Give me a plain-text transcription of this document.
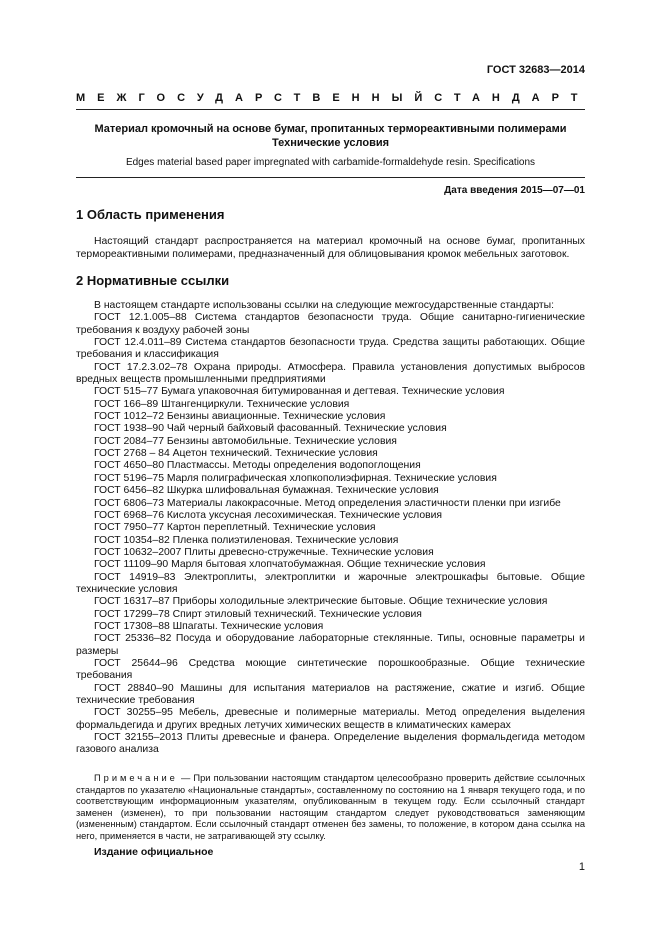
ГОСТ 32683—2014
МЕЖГОСУДАРСТВЕННЫЙ СТАНДАРТ
Материал кромочный на основе бумаг, пропитанных термореактивными полимерами
Технические условия
Edges material based paper impregnated with carbamide-formaldehyde resin. Specifications
Дата введения 2015—07—01
1 Область применения
Настоящий стандарт распространяется на материал кромочный на основе бумаг, пропитанных термореактивными полимерами, предназначенный для облицовывания кромок мебельных заготовок.
2 Нормативные ссылки
В настоящем стандарте использованы ссылки на следующие межгосударственные стандарты:
ГОСТ 12.1.005–88 Система стандартов безопасности труда. Общие санитарно-гигиенические требования к воздуху рабочей зоны
ГОСТ 12.4.011–89 Система стандартов безопасности труда. Средства защиты работающих. Общие требования и классификация
ГОСТ 17.2.3.02–78 Охрана природы. Атмосфера. Правила установления допустимых выбросов вредных веществ промышленными предприятиями
ГОСТ 515–77 Бумага упаковочная битумированная и дегтевая. Технические условия
ГОСТ 166–89 Штангенциркули. Технические условия
ГОСТ 1012–72 Бензины авиационные. Технические условия
ГОСТ 1938–90 Чай черный байховый фасованный. Технические условия
ГОСТ 2084–77 Бензины автомобильные. Технические условия
ГОСТ 2768 – 84 Ацетон технический. Технические условия
ГОСТ 4650–80 Пластмассы. Методы определения водопоглощения
ГОСТ 5196–75 Марля полиграфическая хлопкополиэфирная. Технические условия
ГОСТ 6456–82 Шкурка шлифовальная бумажная. Технические условия
ГОСТ 6806–73 Материалы лакокрасочные. Метод определения эластичности пленки при изгибе
ГОСТ 6968–76 Кислота уксусная лесохимическая. Технические условия
ГОСТ 7950–77 Картон переплетный. Технические условия
ГОСТ 10354–82 Пленка полиэтиленовая. Технические условия
ГОСТ 10632–2007 Плиты древесно-стружечные. Технические условия
ГОСТ 11109–90 Марля бытовая хлопчатобумажная. Общие технические условия
ГОСТ 14919–83 Электроплиты, электроплитки и жарочные электрошкафы бытовые. Общие технические условия
ГОСТ 16317–87 Приборы холодильные электрические бытовые. Общие технические условия
ГОСТ 17299–78 Спирт этиловый технический. Технические условия
ГОСТ 17308–88 Шпагаты. Технические условия
ГОСТ 25336–82 Посуда и оборудование лабораторные стеклянные. Типы, основные параметры и размеры
ГОСТ 25644–96 Средства моющие синтетические порошкообразные. Общие технические требования
ГОСТ 28840–90 Машины для испытания материалов на растяжение, сжатие и изгиб. Общие технические требования
ГОСТ 30255–95 Мебель, древесные и полимерные материалы. Метод определения выделения формальдегида и других вредных летучих химических веществ в климатических камерах
ГОСТ 32155–2013 Плиты древесные и фанера. Определение выделения формальдегида методом газового анализа
Примечание — При пользовании настоящим стандартом целесообразно проверить действие ссылочных стандартов по указателю «Национальные стандарты», составленному по состоянию на 1 января текущего года, и по соответствующим информационным указателям, опубликованным в текущем году. Если ссылочный стандарт заменен (изменен), то при пользовании настоящим стандартом следует руководствоваться заменяющим (измененным) стандартом. Если ссылочный стандарт отменен без замены, то положение, в котором дана ссылка на него, применяется в части, не затрагивающей эту ссылку.
Издание официальное
1
